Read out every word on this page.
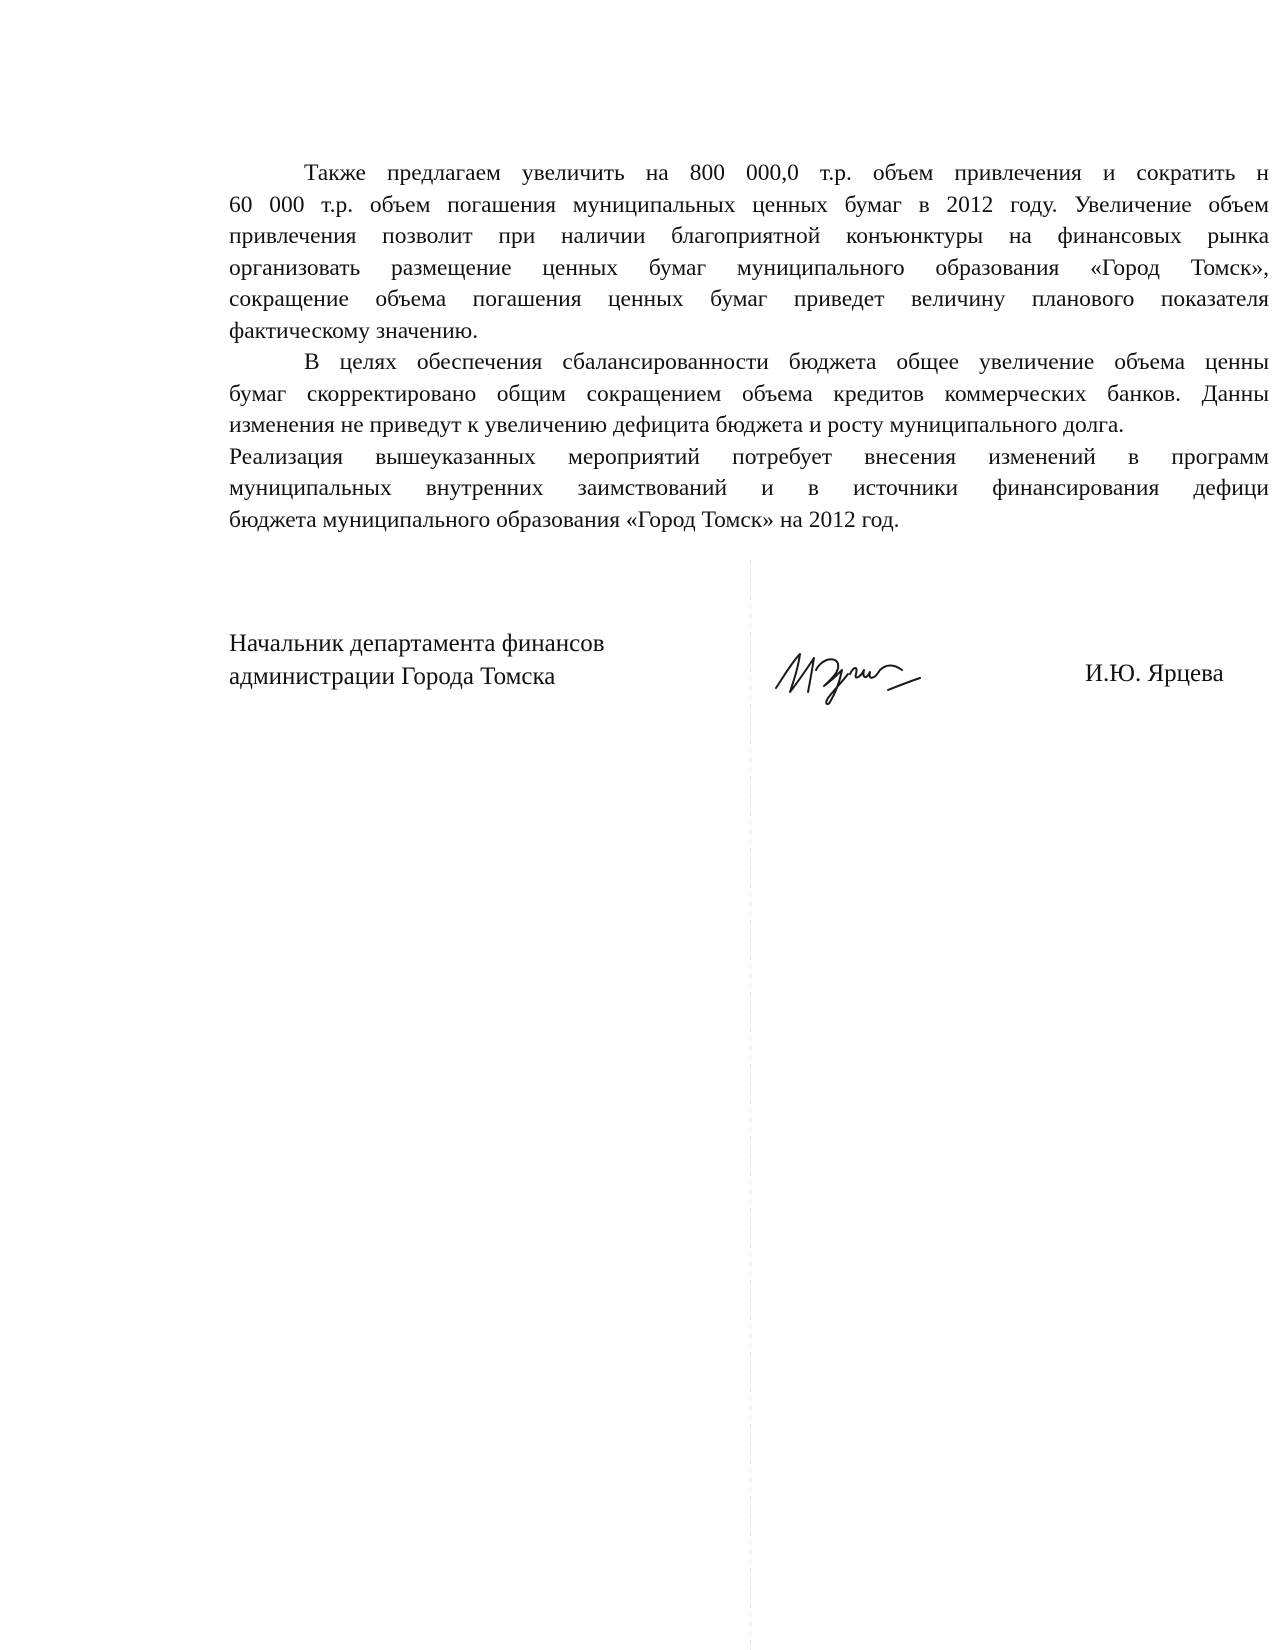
Также предлагаем увеличить на 800 000,0 т.р. объем привлечения и сократить н
60 000 т.р. объем погашения муниципальных ценных бумаг в 2012 году. Увеличение объем
привлечения позволит при наличии благоприятной конъюнктуры на финансовых рынка
организовать размещение ценных бумаг муниципального образования «Город Томск»,
сокращение объема погашения ценных бумаг приведет величину планового показателя
фактическому значению.

В целях обеспечения сбалансированности бюджета общее увеличение объема ценны
бумаг скорректировано общим сокращением объема кредитов коммерческих банков. Данны
изменения не приведут к увеличению дефицита бюджета и росту муниципального долга.

Реализация вышеуказанных мероприятий потребует внесения изменений в программ
муниципальных внутренних заимствований и в источники финансирования дефици
бюджета муниципального образования «Город Томск» на 2012 год.

Начальник департамента финансов
администрации Города Томска	И.Ю. Ярцева
